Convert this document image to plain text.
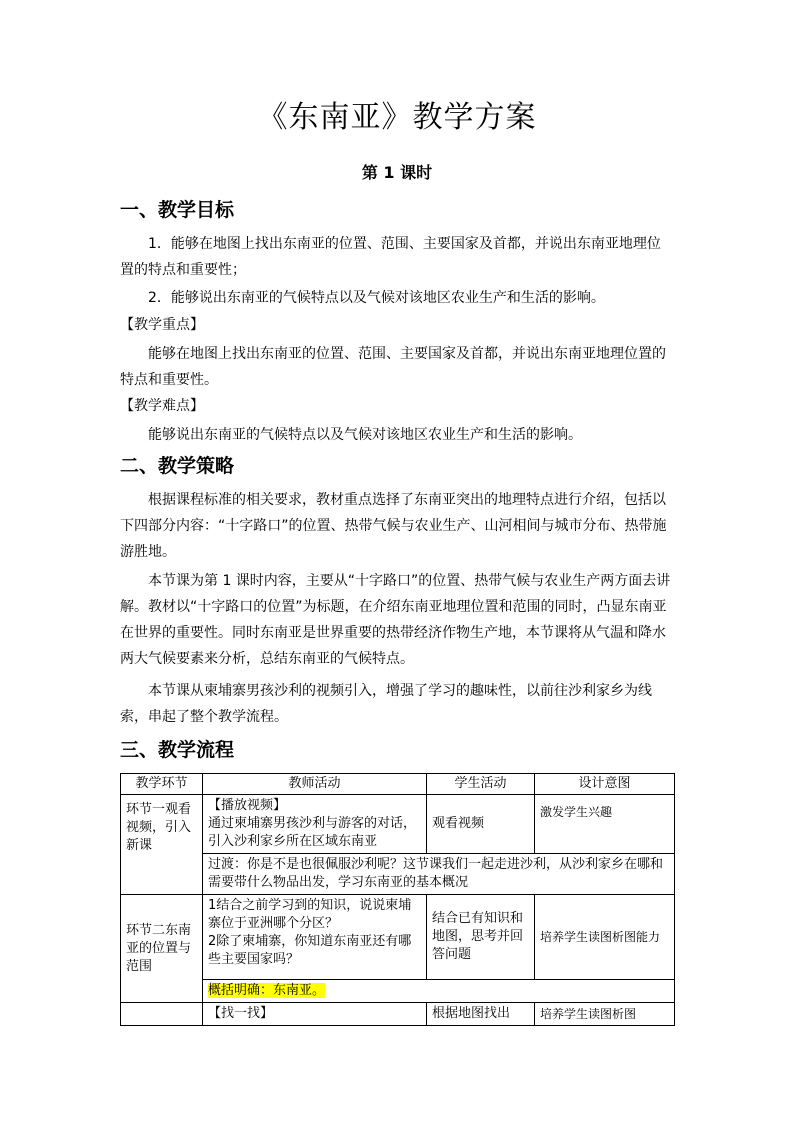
《东南亚》教学方案
第 1 课时
一、教学目标
1．能够在地图上找出东南亚的位置、范围、主要国家及首都，并说出东南亚地理位置的特点和重要性；
2．能够说出东南亚的气候特点以及气候对该地区农业生产和生活的影响。
【教学重点】
能够在地图上找出东南亚的位置、范围、主要国家及首都，并说出东南亚地理位置的特点和重要性。
【教学难点】
能够说出东南亚的气候特点以及气候对该地区农业生产和生活的影响。
二、教学策略
根据课程标准的相关要求，教材重点选择了东南亚突出的地理特点进行介绍，包括以下四部分内容：“十字路口”的位置、热带气候与农业生产、山河相间与城市分布、热带施游胜地。
本节课为第 1 课时内容，主要从“十字路口”的位置、热带气候与农业生产两方面去讲解。教材以“十字路口的位置”为标题，在介绍东南亚地理位置和范围的同时，凸显东南亚在世界的重要性。同时东南亚是世界重要的热带经济作物生产地，本节课将从气温和降水两大气候要素来分析，总结东南亚的气候特点。
本节课从柬埔寨男孩沙利的视频引入，增强了学习的趣味性，以前往沙利家乡为线索，串起了整个教学流程。
三、教学流程
教学环节	教师活动	学生活动	设计意图
环节一观看视频，引入新课	【播放视频】
通过柬埔寨男孩沙利与游客的对话，引入沙利家乡所在区域东南亚	观看视频	激发学生兴趣
	过渡：你是不是也很佩服沙利呢？这节课我们一起走进沙利，从沙利家乡在哪和需要带什么物品出发，学习东南亚的基本概况		
环节二东南亚的位置与范围	1结合之前学习到的知识，说说柬埔寨位于亚洲哪个分区？
2除了柬埔寨，你知道东南亚还有哪些主要国家吗？	结合已有知识和地图，思考并回答问题	培养学生读图析图能力
	概括明确：东南亚。		
	【找一找】	根据地图找出	培养学生读图析图
